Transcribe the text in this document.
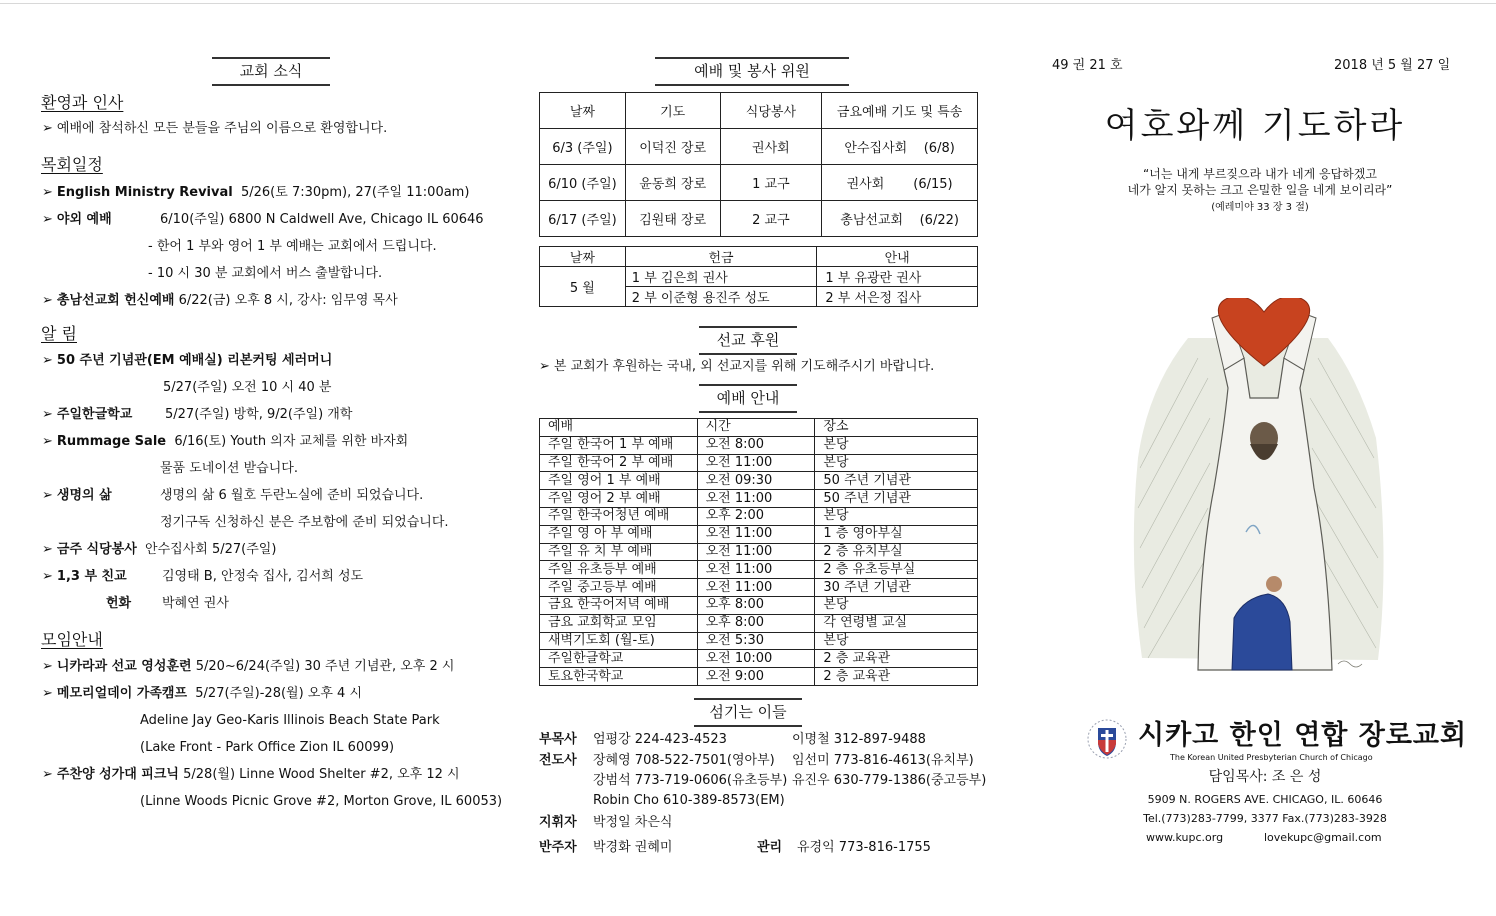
교회 소식
환영과 인사
➢ 예배에 참석하신 모든 분들을 주님의 이름으로 환영합니다.
목회일정
➢ English Ministry Revival 5/26(토 7:30pm), 27(주일 11:00am)
➢ 야외 예배	6/10(주일) 6800 N Caldwell Ave, Chicago IL 60646
- 한어 1 부와 영어 1 부 예배는 교회에서 드립니다.
- 10 시 30 분 교회에서 버스 출발합니다.
➢ 총남선교회 헌신예배 6/22(금) 오후 8 시, 강사: 임무영 목사
알 림
➢ 50 주년 기념관(EM 예배실) 리본커팅 세러머니
5/27(주일) 오전 10 시 40 분
➢ 주일한글학교	5/27(주일) 방학, 9/2(주일) 개학
➢ Rummage Sale 6/16(토) Youth 의자 교체를 위한 바자회
물품 도네이션 받습니다.
➢ 생명의 삶	생명의 삶 6 월호 두란노실에 준비 되었습니다.
정기구독 신청하신 분은 주보함에 준비 되었습니다.
➢ 금주 식당봉사 안수집사회 5/27(주일)
➢ 1,3 부 친교	김영태 B, 안정숙 집사, 김서희 성도
헌화 박혜연 권사
모임안내
➢ 니카라과 선교 영성훈련 5/20~6/24(주일) 30 주년 기념관, 오후 2 시
➢ 메모리얼데이 가족캠프 5/27(주일)-28(월) 오후 4 시
Adeline Jay Geo-Karis Illinois Beach State Park
(Lake Front - Park Office Zion IL 60099)
➢ 주찬양 성가대 피크닉 5/28(월) Linne Wood Shelter #2, 오후 12 시
(Linne Woods Picnic Grove #2, Morton Grove, IL 60053)
예배 및 봉사 위원
날짜	기도	식당봉사	금요예배 기도 및 특송
6/3 (주일)	이덕진 장로	권사회	안수집사회 (6/8)
6/10 (주일)	윤동희 장로	1 교구	권사회 (6/15)
6/17 (주일)	김원태 장로	2 교구	총남선교회 (6/22)
날짜	헌금	안내
5 월	1 부 김은희 권사	1 부 유광란 권사
	2 부 이준형 용진주 성도	2 부 서은정 집사
선교 후원
➢ 본 교회가 후원하는 국내, 외 선교지를 위해 기도해주시기 바랍니다.
예배 안내
예배	시간	장소
주일 한국어 1 부 예배	오전 8:00	본당
주일 한국어 2 부 예배	오전 11:00	본당
주일 영어 1 부 예배	오전 09:30	50 주년 기념관
주일 영어 2 부 예배	오전 11:00	50 주년 기념관
주일 한국어청년 예배	오후 2:00	본당
주일 영 아 부 예배	오전 11:00	1 층 영아부실
주일 유 치 부 예배	오전 11:00	2 층 유치부실
주일 유초등부 예배	오전 11:00	2 층 유초등부실
주일 중고등부 예배	오전 11:00	30 주년 기념관
금요 한국어저녁 예배	오후 8:00	본당
금요 교회학교 모임	오후 8:00	각 연령별 교실
새벽기도회 (월-토)	오전 5:30	본당
주일한글학교	오전 10:00	2 층 교육관
토요한국학교	오전 9:00	2 층 교육관
섬기는 이들
부목사 엄평강 224-423-4523	이명철 312-897-9488
전도사 장혜영 708-522-7501(영아부) 임선미 773-816-4613(유치부)
강범석 773-719-0606(유초등부) 유진우 630-779-1386(중고등부)
Robin Cho 610-389-8573(EM)
지휘자 박정일 차은식
반주자 박경화 권혜미	관리 유경익 773-816-1755
49 권 21 호	2018 년 5 월 27 일
여호와께 기도하라
“너는 내게 부르짖으라 내가 네게 응답하겠고
네가 알지 못하는 크고 은밀한 일을 네게 보이리라”
(예레미야 33 장 3 절)
시카고 한인 연합 장로교회
The Korean United Presbyterian Church of Chicago
담임목사: 조 은 성
5909 N. ROGERS AVE. CHICAGO, IL. 60646
Tel.(773)283-7799, 3377 Fax.(773)283-3928
www.kupc.org	lovekupc@gmail.com
